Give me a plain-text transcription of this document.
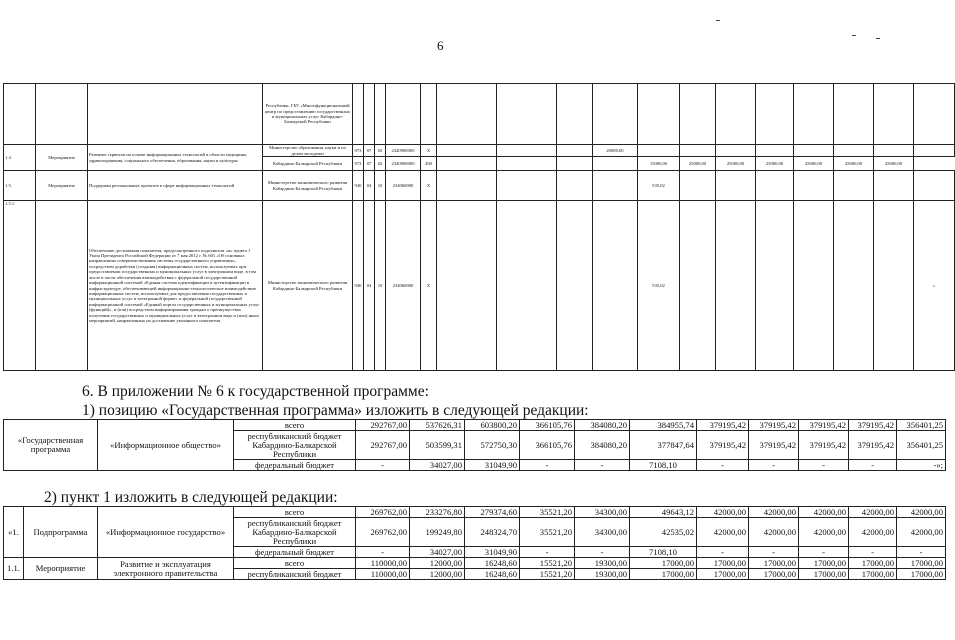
6
			Республики, ГБУ «Многофункциональный центр по предоставлению государственных и муниципальных услуг Кабардино-Балкарской Республики																	
1.4	Мероприятие	Развитие сервисов на основе информационных технологий в области медицины, здравоохранения, социального обеспечения, образования, науки и культуры	Министерство образования, науки и по делам молодежи	973	07	02	2340900000	X				20000,00								
			Кабардино-Балкарской Республики	973	07	02	2340900000	200					15000,00	25000,00	25000,00	25000,00	25000,00	25000,00	25000,00	
1.5.	Мероприятие	Поддержка региональных проектов в сфере информационных технологий	Министерство экономического развития Кабардино-Балкарской Республики	940	04	10	234060000	X					535,02							
1.5.1.		Обеспечение достижения показателя, предусмотренного подпунктом «в» пункта 1 Указа Президента Российской Федерации от 7 мая 2012 г. № 601 «Об основных направлениях совершенствования системы государственного управления», посредством доработки (создания) информационных систем, используемых при предоставлении государственных и муниципальных услуг в электронном виде, в том числе в части обеспечения взаимодействия с федеральной государственной информационной системой «Единая система идентификации и аутентификации в инфраструктуре, обеспечивающей информационно-технологическое взаимодействие информационных систем, используемых для предоставления государственных и муниципальных услуг в электронной форме» и федеральной государственной информационной системой «Единый портал государственных и муниципальных услуг (функций)», и (или) посредством информирования граждан о преимуществах получения государственных и муниципальных услуг в электронном виде и (или) иных мероприятий, направленных на достижение указанного показателя	Министерство экономического развития Кабардино-Балкарской Республики	940	04	10	234060000	X					535,02							«
6. В приложении № 6 к государственной программе:
1) позицию «Государственная программа» изложить в следующей редакции:
«Государственная программа	«Информационное общество»	всего	292767,00	537626,31	603800,20	366105,76	384080,20	384955,74	379195,42	379195,42	379195,42	379195,42	356401,25
		республиканский бюджет Кабардино-Балкарской Республики	292767,00	503599,31	572750,30	366105,76	384080,20	377847,64	379195,42	379195,42	379195,42	379195,42	356401,25
		федеральный бюджет	-	34027,00	31049,90	-	-	7108,10	-	-	-	-	-»;
2) пункт 1 изложить в следующей редакции:
«1.	Подпрограмма	«Информационное государство»	всего	269762,00	233276,80	279374,60	35521,20	34300,00	49643,12	42000,00	42000,00	42000,00	42000,00	42000,00
			республиканский бюджет Кабардино-Балкарской Республики	269762,00	199249,80	248324,70	35521,20	34300,00	42535,02	42000,00	42000,00	42000,00	42000,00	42000,00
			федеральный бюджет	-	34027,00	31049,90	-	-	7108,10	-	-	-	-	-
1.1.	Мероприятие	Развитие и эксплуатация электронного правительства	всего	110000,00	12000,00	16248,60	15521,20	19300,00	17000,00	17000,00	17000,00	17000,00	17000,00	17000,00
			республиканский бюджет	110000,00	12000,00	16248,60	15521,20	19300,00	17000,00	17000,00	17000,00	17000,00	17000,00	17000,00
